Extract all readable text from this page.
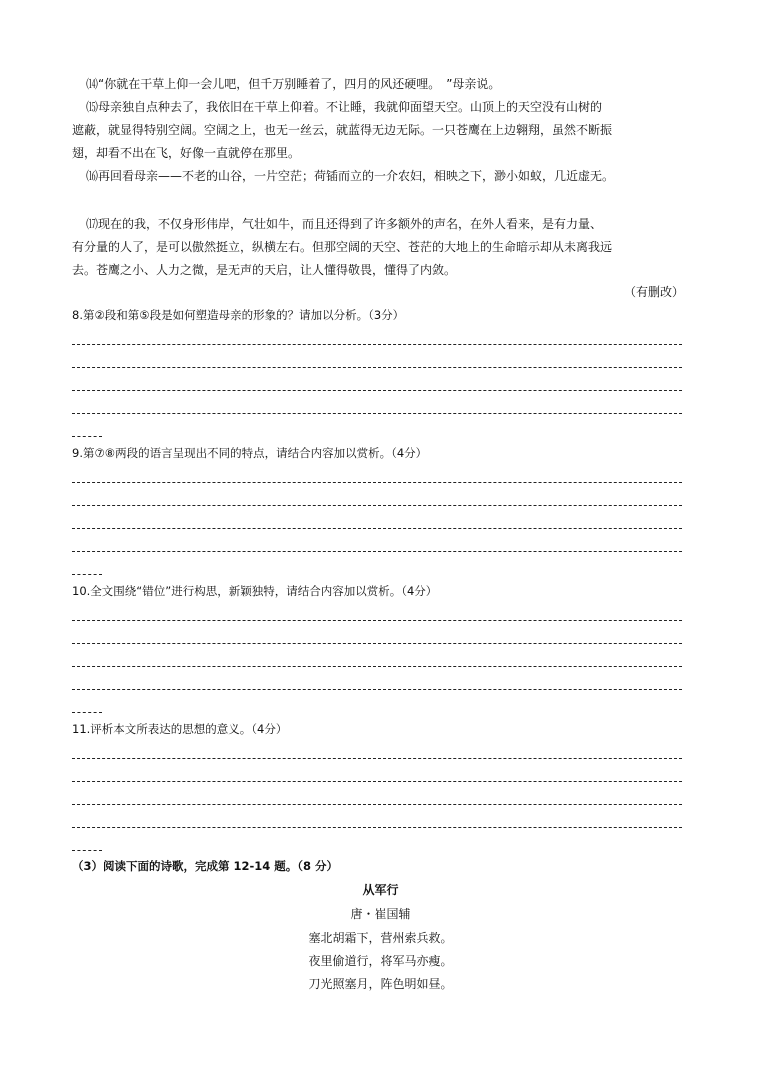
⒁“你就在干草上仰一会儿吧，但千万别睡着了，四月的风还硬哩。　”母亲说。
⒂母亲独自点种去了，我依旧在干草上仰着。不让睡，我就仰面望天空。山顶上的天空没有山树的
遮蔽，就显得特别空阔。空阔之上，也无一丝云，就蓝得无边无际。一只苍鹰在上边翱翔，虽然不断振
翅，却看不出在飞，好像一直就停在那里。
⒃再回看母亲——不老的山谷，一片空茫；荷锸而立的一介农妇，相映之下，渺小如蚁，几近虚无。
⒄现在的我，不仅身形伟岸，气壮如牛，而且还得到了许多额外的声名，在外人看来，是有力量、
有分量的人了，是可以傲然挺立，纵横左右。但那空阔的天空、苍茫的大地上的生命暗示却从未离我远
去。苍鹰之小、人力之微，是无声的天启，让人懂得敬畏，懂得了内敛。
（有删改）
8.第②段和第⑤段是如何塑造母亲的形象的？请加以分析。（3分）
9.第⑦⑧两段的语言呈现出不同的特点，请结合内容加以赏析。（4分）
10.全文围绕“错位”进行构思，新颖独特，请结合内容加以赏析。（4分）
11.评析本文所表达的思想的意义。（4分）
（3）阅读下面的诗歌，完成第 12-14 题。（8 分）
从军行
唐・崔国辅
塞北胡霜下，营州索兵救。
夜里偷道行，将军马亦瘦。
刀光照塞月，阵色明如昼。
